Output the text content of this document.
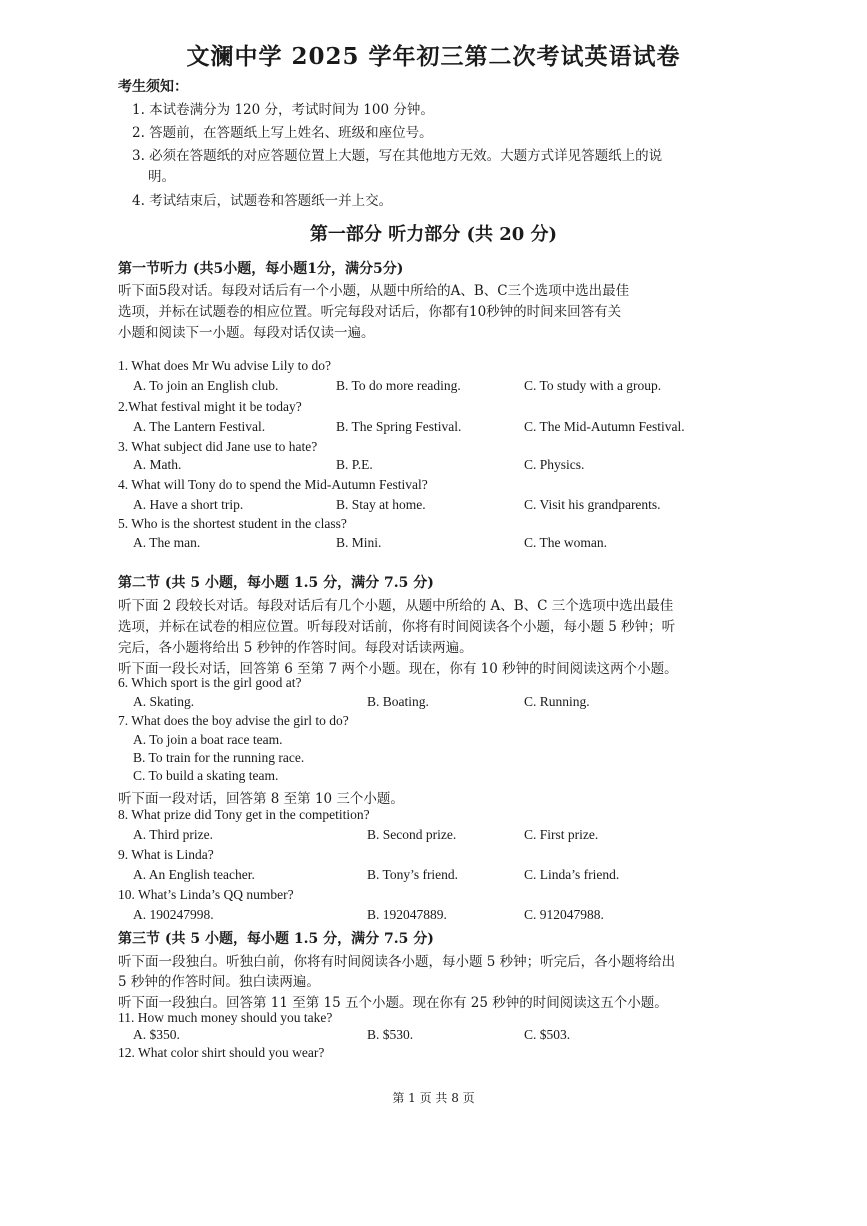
文澜中学 2025 学年初三第二次考试英语试卷
考生须知：
1. 本试卷满分为 120 分，考试时间为 100 分钟。
2. 答题前，在答题纸上写上姓名、班级和座位号。
3. 必须在答题纸的对应答题位置上大题，写在其他地方无效。大题方式详见答题纸上的说
明。
4. 考试结束后，试题卷和答题纸一并上交。
第一部分 听力部分 (共 20 分)
第一节听力 (共5小题，每小题1分，满分5分)
听下面5段对话。每段对话后有一个小题，从题中所给的A、B、C三个选项中选出最佳
选项，并标在试题卷的相应位置。听完每段对话后，你都有10秒钟的时间来回答有关
小题和阅读下一小题。每段对话仅读一遍。
1. What does Mr Wu advise Lily to do?
A. To join an English club.	B. To do more reading.	C. To study with a group.
2.What festival might it be today?
A. The Lantern Festival.	B. The Spring Festival.	C. The Mid-Autumn Festival.
3. What subject did Jane use to hate?
A. Math.	B. P.E.	C. Physics.
4. What will Tony do to spend the Mid-Autumn Festival?
A. Have a short trip.	B. Stay at home.	C. Visit his grandparents.
5. Who is the shortest student in the class?
A. The man.	B. Mini.	C. The woman.
第二节 (共 5 小题，每小题 1.5 分，满分 7.5 分)
听下面 2 段较长对话。每段对话后有几个小题，从题中所给的 A、B、C 三个选项中选出最佳
选项，并标在试卷的相应位置。听每段对话前，你将有时间阅读各个小题，每小题 5 秒钟；听
完后，各小题将给出 5 秒钟的作答时间。每段对话读两遍。
听下面一段长对话，回答第 6 至第 7 两个小题。现在，你有 10 秒钟的时间阅读这两个小题。
6. Which sport is the girl good at?
A. Skating.	B. Boating.	C. Running.
7. What does the boy advise the girl to do?
A. To join a boat race team.
B. To train for the running race.
C. To build a skating team.
听下面一段对话，回答第 8 至第 10 三个小题。
8. What prize did Tony get in the competition?
A. Third prize.	B. Second prize.	C. First prize.
9. What is Linda?
A. An English teacher.	B. Tony’s friend.	C. Linda’s friend.
10. What’s Linda’s QQ number?
A. 190247998.	B. 192047889.	C. 912047988.
第三节 (共 5 小题，每小题 1.5 分，满分 7.5 分)
听下面一段独白。听独白前，你将有时间阅读各小题，每小题 5 秒钟；听完后，各小题将给出
5 秒钟的作答时间。独白读两遍。
听下面一段独白。回答第 11 至第 15 五个小题。现在你有 25 秒钟的时间阅读这五个小题。
11. How much money should you take?
A. $350.	B. $530.	C. $503.
12. What color shirt should you wear?
第 1 页 共 8 页
